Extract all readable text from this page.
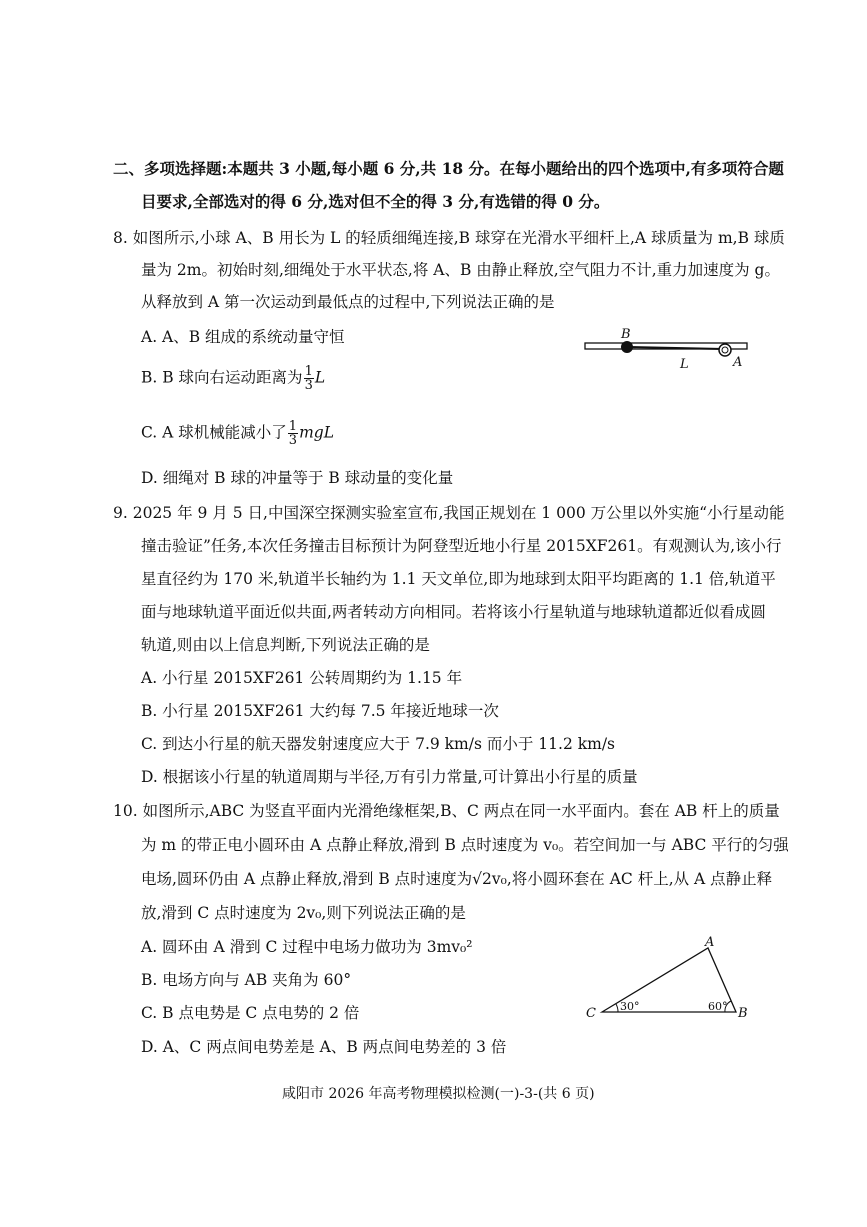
二、多项选择题:本题共 3 小题,每小题 6 分,共 18 分。在每小题给出的四个选项中,有多项符合题
目要求,全部选对的得 6 分,选对但不全的得 3 分,有选错的得 0 分。
8. 如图所示,小球 A、B 用长为 L 的轻质细绳连接,B 球穿在光滑水平细杆上,A 球质量为 m,B 球质
量为 2m。初始时刻,细绳处于水平状态,将 A、B 由静止释放,空气阻力不计,重力加速度为 g。
从释放到 A 第一次运动到最低点的过程中,下列说法正确的是
A. A、B 组成的系统动量守恒
B. B 球向右运动距离为 $\frac{1}{3}$ L
C. A 球机械能减小了 $\frac{1}{3}$ mgL
D. 细绳对 B 球的冲量等于 B 球动量的变化量
B
L	A
9. 2025 年 9 月 5 日,中国深空探测实验室宣布,我国正规划在 1 000 万公里以外实施“小行星动能
撞击验证”任务,本次任务撞击目标预计为阿登型近地小行星 2015XF261。有观测认为,该小行
星直径约为 170 米,轨道半长轴约为 1.1 天文单位,即为地球到太阳平均距离的 1.1 倍,轨道平
面与地球轨道平面近似共面,两者转动方向相同。若将该小行星轨道与地球轨道都近似看成圆
轨道,则由以上信息判断,下列说法正确的是
A. 小行星 2015XF261 公转周期约为 1.15 年
B. 小行星 2015XF261 大约每 7.5 年接近地球一次
C. 到达小行星的航天器发射速度应大于 7.9 km/s 而小于 11.2 km/s
D. 根据该小行星的轨道周期与半径,万有引力常量,可计算出小行星的质量
10. 如图所示,ABC 为竖直平面内光滑绝缘框架,B、C 两点在同一水平面内。套在 AB 杆上的质量
为 m 的带正电小圆环由 A 点静止释放,滑到 B 点时速度为 v₀。若空间加一与 ABC 平行的匀强
电场,圆环仍由 A 点静止释放,滑到 B 点时速度为√2v₀,将小圆环套在 AC 杆上,从 A 点静止释
放,滑到 C 点时速度为 2v₀,则下列说法正确的是
A. 圆环由 A 滑到 C 过程中电场力做功为 3mv₀²
B. 电场方向与 AB 夹角为 60°
C. B 点电势是 C 点电势的 2 倍
D. A、C 两点间电势差是 A、B 两点间电势差的 3 倍
A
C	B
30°	60°
咸阳市 2026 年高考物理模拟检测(一)-3-(共 6 页)
